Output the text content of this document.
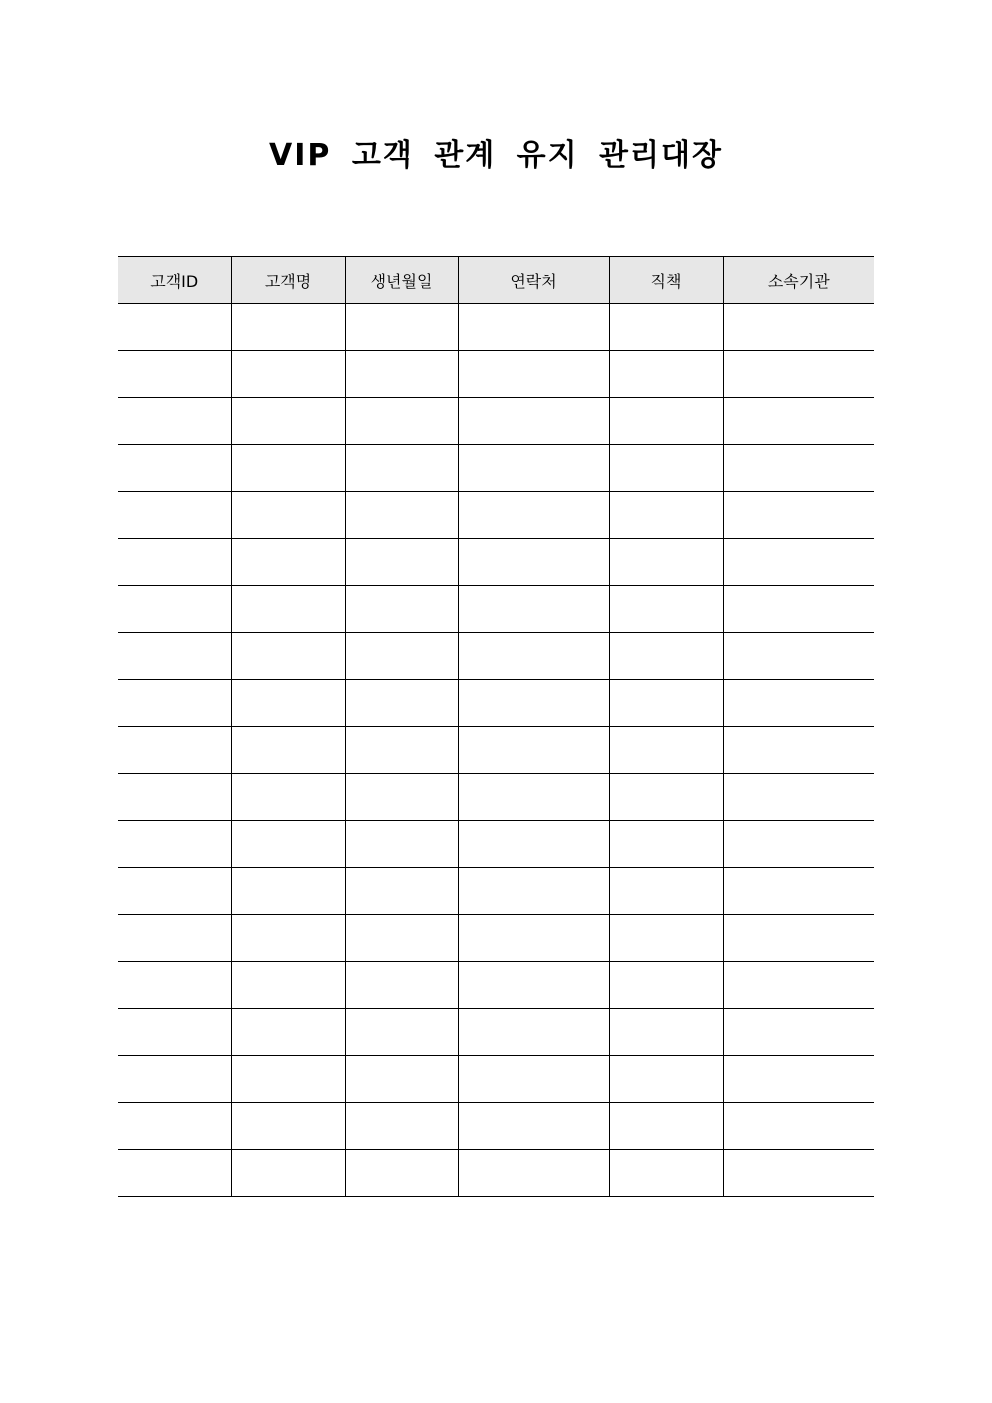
VIP 고객 관계 유지 관리대장
고객ID	고객명	생년월일	연락처	직책	소속기관
